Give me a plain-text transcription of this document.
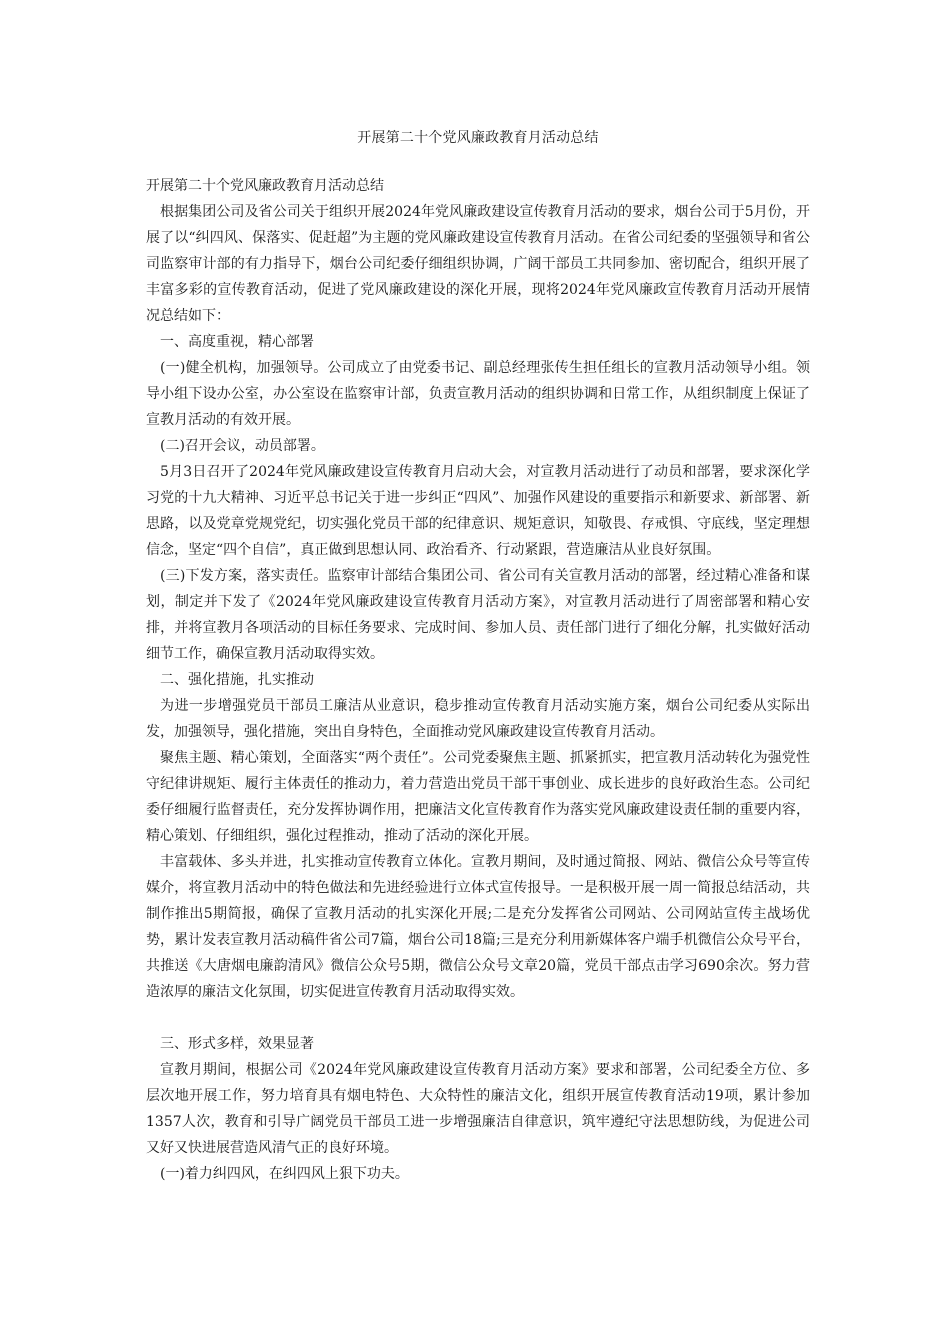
开展第二十个党风廉政教育月活动总结

开展第二十个党风廉政教育月活动总结

根据集团公司及省公司关于组织开展2024年党风廉政建设宣传教育月活动的要求，烟台公司于5月份，开展了以“纠四风、保落实、促赶超”为主题的党风廉政建设宣传教育月活动。在省公司纪委的坚强领导和省公司监察审计部的有力指导下，烟台公司纪委仔细组织协调，广阔干部员工共同参加、密切配合，组织开展了丰富多彩的宣传教育活动，促进了党风廉政建设的深化开展，现将2024年党风廉政宣传教育月活动开展情况总结如下：

一、高度重视，精心部署

(一)健全机构，加强领导。公司成立了由党委书记、副总经理张传生担任组长的宣教月活动领导小组。领导小组下设办公室，办公室设在监察审计部，负责宣教月活动的组织协调和日常工作，从组织制度上保证了宣教月活动的有效开展。

(二)召开会议，动员部署。

5月3日召开了2024年党风廉政建设宣传教育月启动大会，对宣教月活动进行了动员和部署，要求深化学习党的十九大精神、习近平总书记关于进一步纠正“四风”、加强作风建设的重要指示和新要求、新部署、新思路，以及党章党规党纪，切实强化党员干部的纪律意识、规矩意识，知敬畏、存戒惧、守底线，坚定理想信念，坚定“四个自信”，真正做到思想认同、政治看齐、行动紧跟，营造廉洁从业良好氛围。

(三)下发方案，落实责任。监察审计部结合集团公司、省公司有关宣教月活动的部署，经过精心准备和谋划，制定并下发了《2024年党风廉政建设宣传教育月活动方案》，对宣教月活动进行了周密部署和精心安排，并将宣教月各项活动的目标任务要求、完成时间、参加人员、责任部门进行了细化分解，扎实做好活动细节工作，确保宣教月活动取得实效。

二、强化措施，扎实推动

为进一步增强党员干部员工廉洁从业意识，稳步推动宣传教育月活动实施方案，烟台公司纪委从实际出发，加强领导，强化措施，突出自身特色，全面推动党风廉政建设宣传教育月活动。

聚焦主题、精心策划，全面落实“两个责任”。公司党委聚焦主题、抓紧抓实，把宣教月活动转化为强党性守纪律讲规矩、履行主体责任的推动力，着力营造出党员干部干事创业、成长进步的良好政治生态。公司纪委仔细履行监督责任，充分发挥协调作用，把廉洁文化宣传教育作为落实党风廉政建设责任制的重要内容，精心策划、仔细组织，强化过程推动，推动了活动的深化开展。

丰富载体、多头并进，扎实推动宣传教育立体化。宣教月期间，及时通过简报、网站、微信公众号等宣传媒介，将宣教月活动中的特色做法和先进经验进行立体式宣传报导。一是积极开展一周一简报总结活动，共制作推出5期简报，确保了宣教月活动的扎实深化开展;二是充分发挥省公司网站、公司网站宣传主战场优势，累计发表宣教月活动稿件省公司7篇，烟台公司18篇;三是充分利用新媒体客户端手机微信公众号平台，共推送《大唐烟电廉韵清风》微信公众号5期，微信公众号文章20篇，党员干部点击学习690余次。努力营造浓厚的廉洁文化氛围，切实促进宣传教育月活动取得实效。

三、形式多样，效果显著

宣教月期间，根据公司《2024年党风廉政建设宣传教育月活动方案》要求和部署，公司纪委全方位、多层次地开展工作，努力培育具有烟电特色、大众特性的廉洁文化，组织开展宣传教育活动19项，累计参加1357人次，教育和引导广阔党员干部员工进一步增强廉洁自律意识，筑牢遵纪守法思想防线，为促进公司又好又快进展营造风清气正的良好环境。

(一)着力纠四风，在纠四风上狠下功夫。
